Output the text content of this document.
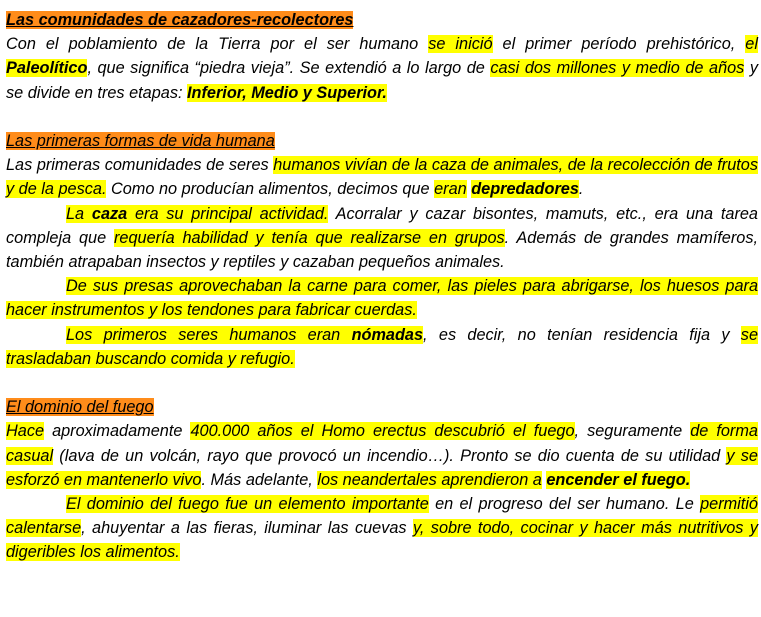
Las comunidades de cazadores-recolectores

Con el poblamiento de la Tierra por el ser humano se inició el primer período prehistórico, el Paleolítico, que significa “piedra vieja”. Se extendió a lo largo de casi dos millones y medio de años y se divide en tres etapas: Inferior, Medio y Superior.

Las primeras formas de vida humana

Las primeras comunidades de seres humanos vivían de la caza de animales, de la recolección de frutos y de la pesca. Como no producían alimentos, decimos que eran depredadores.

La caza era su principal actividad. Acorralar y cazar bisontes, mamuts, etc., era una tarea compleja que requería habilidad y tenía que realizarse en grupos. Además de grandes mamíferos, también atrapaban insectos y reptiles y cazaban pequeños animales.

De sus presas aprovechaban la carne para comer, las pieles para abrigarse, los huesos para hacer instrumentos y los tendones para fabricar cuerdas.

Los primeros seres humanos eran nómadas, es decir, no tenían residencia fija y se trasladaban buscando comida y refugio.

El dominio del fuego

Hace aproximadamente 400.000 años el Homo erectus descubrió el fuego, seguramente de forma casual (lava de un volcán, rayo que provocó un incendio…). Pronto se dio cuenta de su utilidad y se esforzó en mantenerlo vivo. Más adelante, los neandertales aprendieron a encender el fuego.

El dominio del fuego fue un elemento importante en el progreso del ser humano. Le permitió calentarse, ahuyentar a las fieras, iluminar las cuevas y, sobre todo, cocinar y hacer más nutritivos y digeribles los alimentos.
